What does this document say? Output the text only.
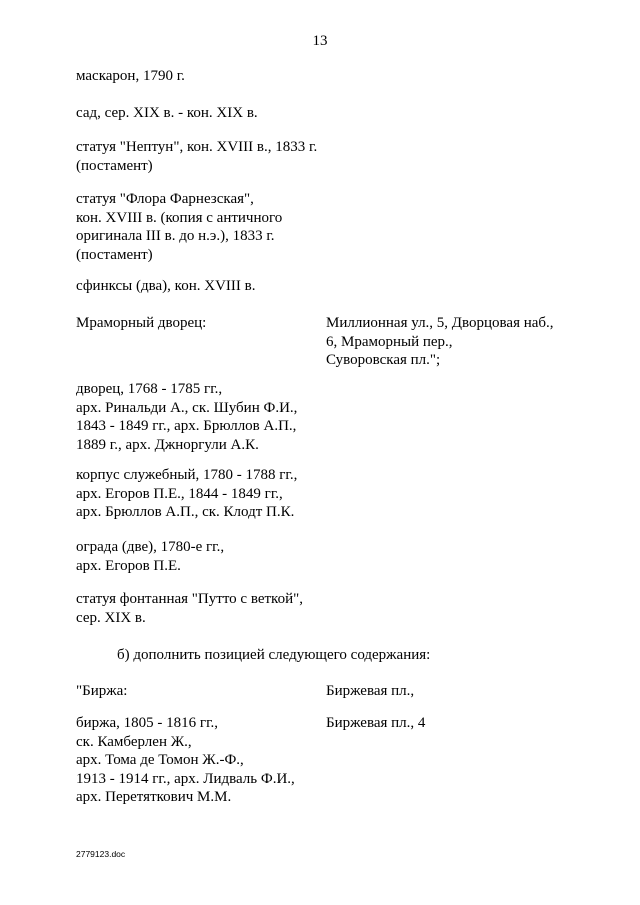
13
маскарон, 1790 г.
сад, сер. XIX в. - кон. XIX в.
статуя "Нептун", кон. XVIII в., 1833 г.
(постамент)
статуя "Флора Фарнезская",
кон. XVIII в. (копия с античного
оригинала III в. до н.э.), 1833 г.
(постамент)
сфинксы (два), кон. XVIII в.
Мраморный дворец:	Миллионная ул., 5, Дворцовая наб.,
6, Мраморный пер.,
Суворовская пл.";
дворец, 1768 - 1785 гг.,
арх. Ринальди А., ск. Шубин Ф.И.,
1843 - 1849 гг., арх. Брюллов А.П.,
1889 г., арх. Джноргули А.К.
корпус служебный, 1780 - 1788 гг.,
арх. Егоров П.Е., 1844 - 1849 гг.,
арх. Брюллов А.П., ск. Клодт П.К.
ограда (две), 1780-е гг.,
арх. Егоров П.Е.
статуя фонтанная "Путто с веткой",
сер. XIX в.
б) дополнить позицией следующего содержания:
"Биржа:	Биржевая пл.,
биржа, 1805 - 1816 гг.,
ск. Камберлен Ж.,
арх. Тома де Томон Ж.-Ф.,
1913 - 1914 гг., арх. Лидваль Ф.И.,
арх. Перетяткович М.М.
Биржевая пл., 4
2779123.doc
